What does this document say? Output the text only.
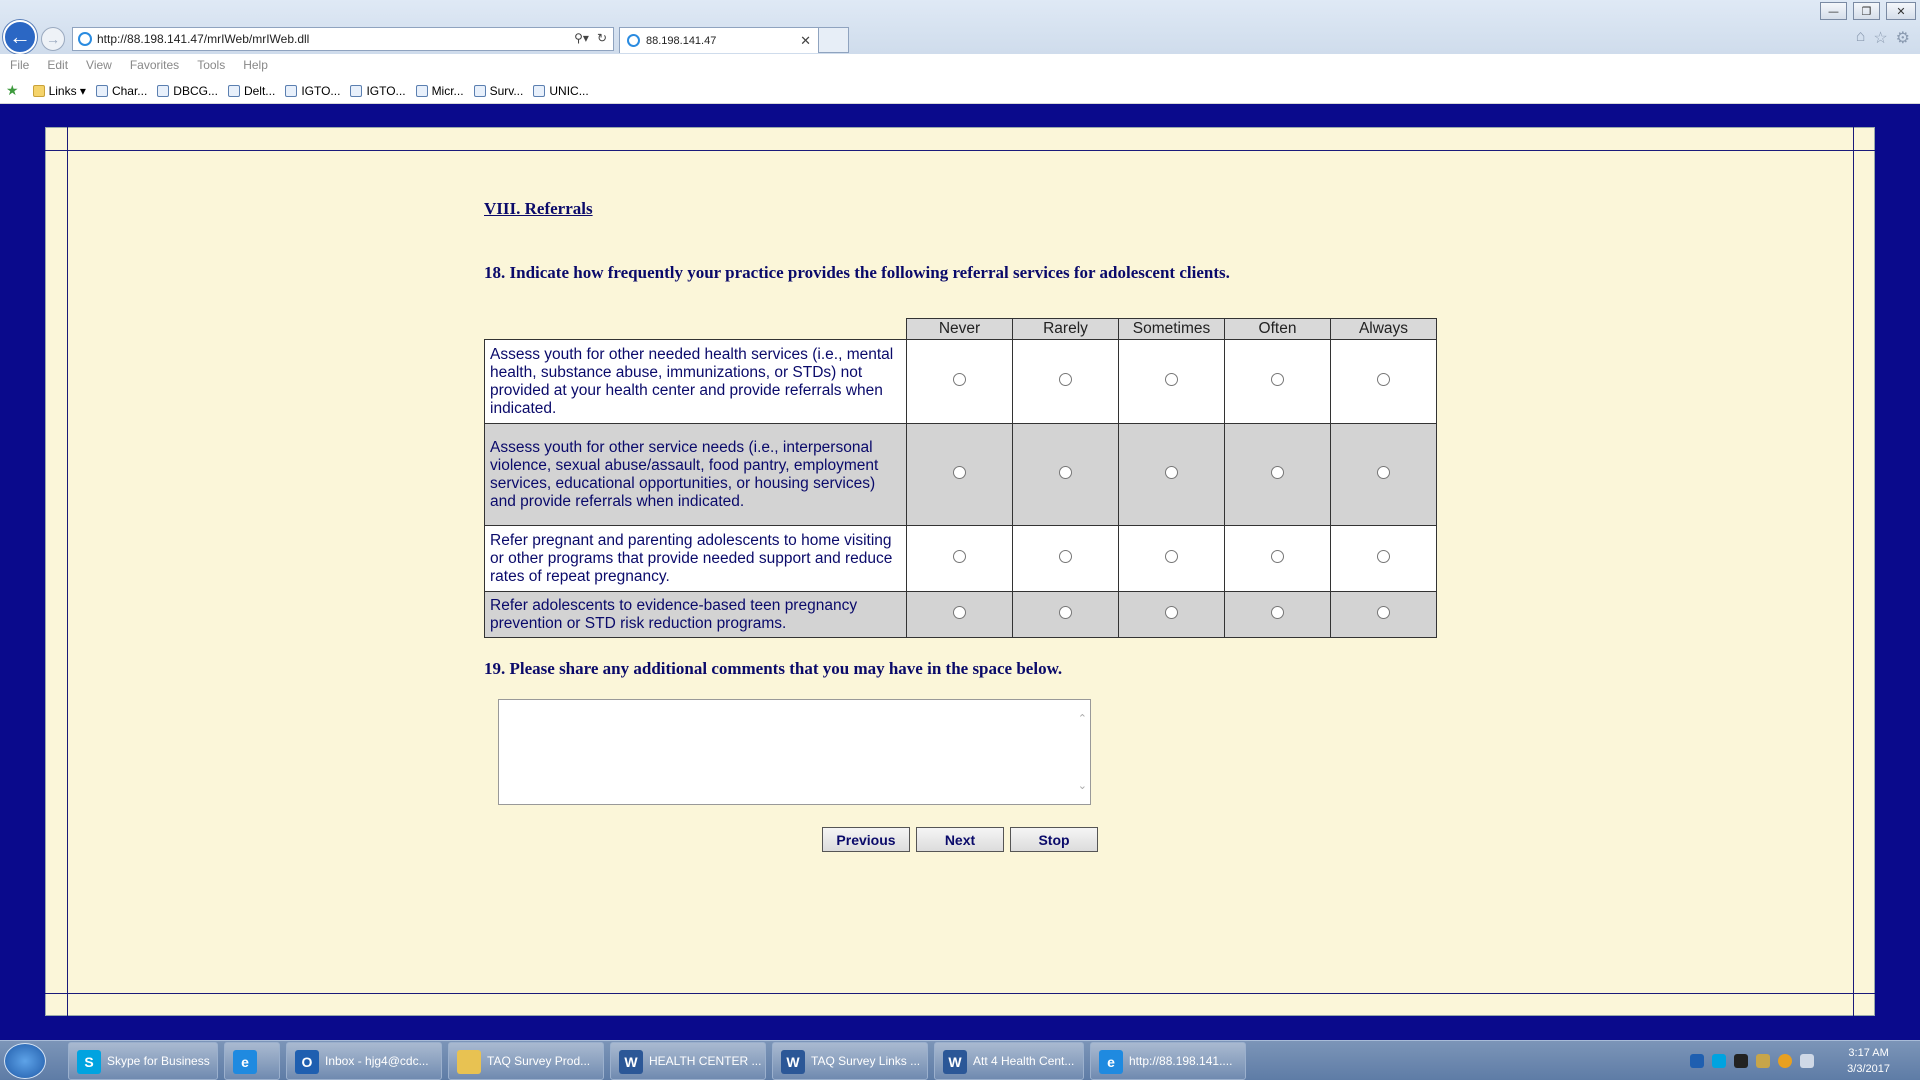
—	❐	✕
←	→	http://88.198.141.47/mrIWeb/mrIWeb.dll	⚲▾ ↻	88.198.141.47	✕	⌂ ☆ ⚙
File Edit View Favorites Tools Help
★	Links ▾ Char... DBCG... Delt... IGTO... IGTO... Micr... Surv... UNIC...
VIII. Referrals
18. Indicate how frequently your practice provides the following referral services for adolescent clients.
	Never	Rarely	Sometimes	Often	Always
Assess youth for other needed health services (i.e., mental health, substance abuse, immunizations, or STDs) not provided at your health center and provide referrals when indicated.					
Assess youth for other service needs (i.e., interpersonal violence, sexual abuse/assault, food pantry, employment services, educational opportunities, or housing services) and provide referrals when indicated.					
Refer pregnant and parenting adolescents to home visiting or other programs that provide needed support and reduce rates of repeat pregnancy.					
Refer adolescents to evidence-based teen pregnancy prevention or STD risk reduction programs.					
19. Please share any additional comments that you may have in the space below.
⌃
⌄
Previous	Next	Stop
S	Skype for Business	e	O	Inbox - hjg4@cdc...	TAQ Survey Prod...	W HEALTH CENTER ...	W TAQ Survey Links ...	W Att 4 Health Cent...	e	http://88.198.141....
3:17 AM
3/3/2017
